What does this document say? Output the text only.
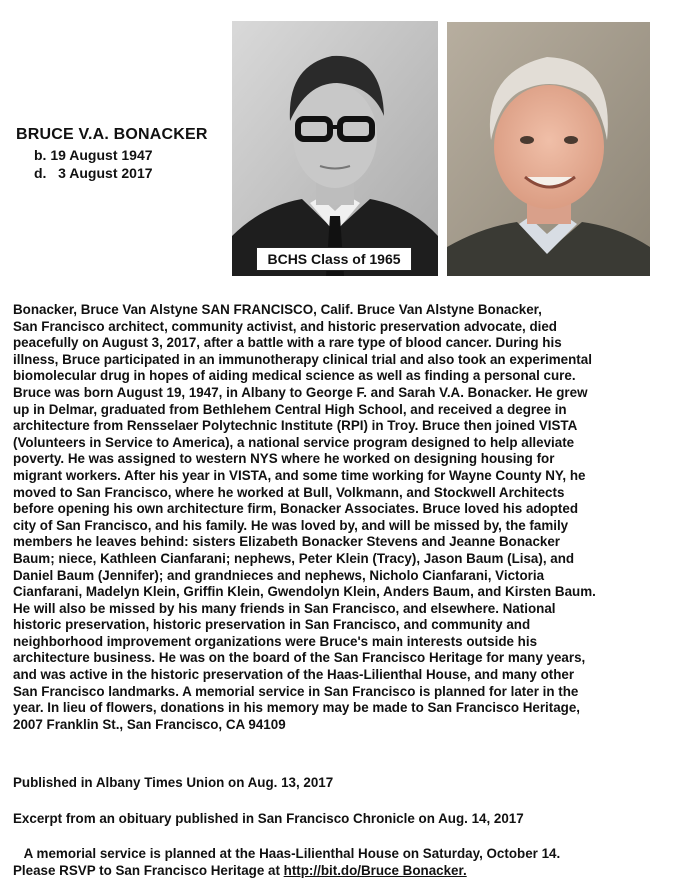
BRUCE V.A. BONACKER
b. 19 August 1947
d.   3 August 2017
BCHS Class of 1965
Bonacker, Bruce Van Alstyne SAN FRANCISCO, Calif. Bruce Van Alstyne Bonacker,
San Francisco architect, community activist, and historic preservation advocate, died
peacefully on August 3, 2017, after a battle with a rare type of blood cancer. During his
illness, Bruce participated in an immunotherapy clinical trial and also took an experimental
biomolecular drug in hopes of aiding medical science as well as finding a personal cure.
Bruce was born August 19, 1947, in Albany to George F. and Sarah V.A. Bonacker. He grew
up in Delmar, graduated from Bethlehem Central High School, and received a degree in
architecture from Rensselaer Polytechnic Institute (RPI) in Troy. Bruce then joined VISTA
(Volunteers in Service to America), a national service program designed to help alleviate
poverty. He was assigned to western NYS where he worked on designing housing for
migrant workers. After his year in VISTA, and some time working for Wayne County NY, he
moved to San Francisco, where he worked at Bull, Volkmann, and Stockwell Architects
before opening his own architecture firm, Bonacker Associates. Bruce loved his adopted
city of San Francisco, and his family. He was loved by, and will be missed by, the family
members he leaves behind: sisters Elizabeth Bonacker Stevens and Jeanne Bonacker
Baum; niece, Kathleen Cianfarani; nephews, Peter Klein (Tracy), Jason Baum (Lisa), and
Daniel Baum (Jennifer); and grandnieces and nephews, Nicholo Cianfarani, Victoria
Cianfarani, Madelyn Klein, Griffin Klein, Gwendolyn Klein, Anders Baum, and Kirsten Baum.
He will also be missed by his many friends in San Francisco, and elsewhere. National
historic preservation, historic preservation in San Francisco, and community and
neighborhood improvement organizations were Bruce's main interests outside his
architecture business. He was on the board of the San Francisco Heritage for many years,
and was active in the historic preservation of the Haas-Lilienthal House, and many other
San Francisco landmarks. A memorial service in San Francisco is planned for later in the
year. In lieu of flowers, donations in his memory may be made to San Francisco Heritage,
2007 Franklin St., San Francisco, CA 94109
Published in Albany Times Union on Aug. 13, 2017
Excerpt from an obituary published in San Francisco Chronicle on Aug. 14, 2017
A memorial service is planned at the Haas-Lilienthal House on Saturday, October 14.
Please RSVP to San Francisco Heritage at http://bit.do/Bruce Bonacker.
